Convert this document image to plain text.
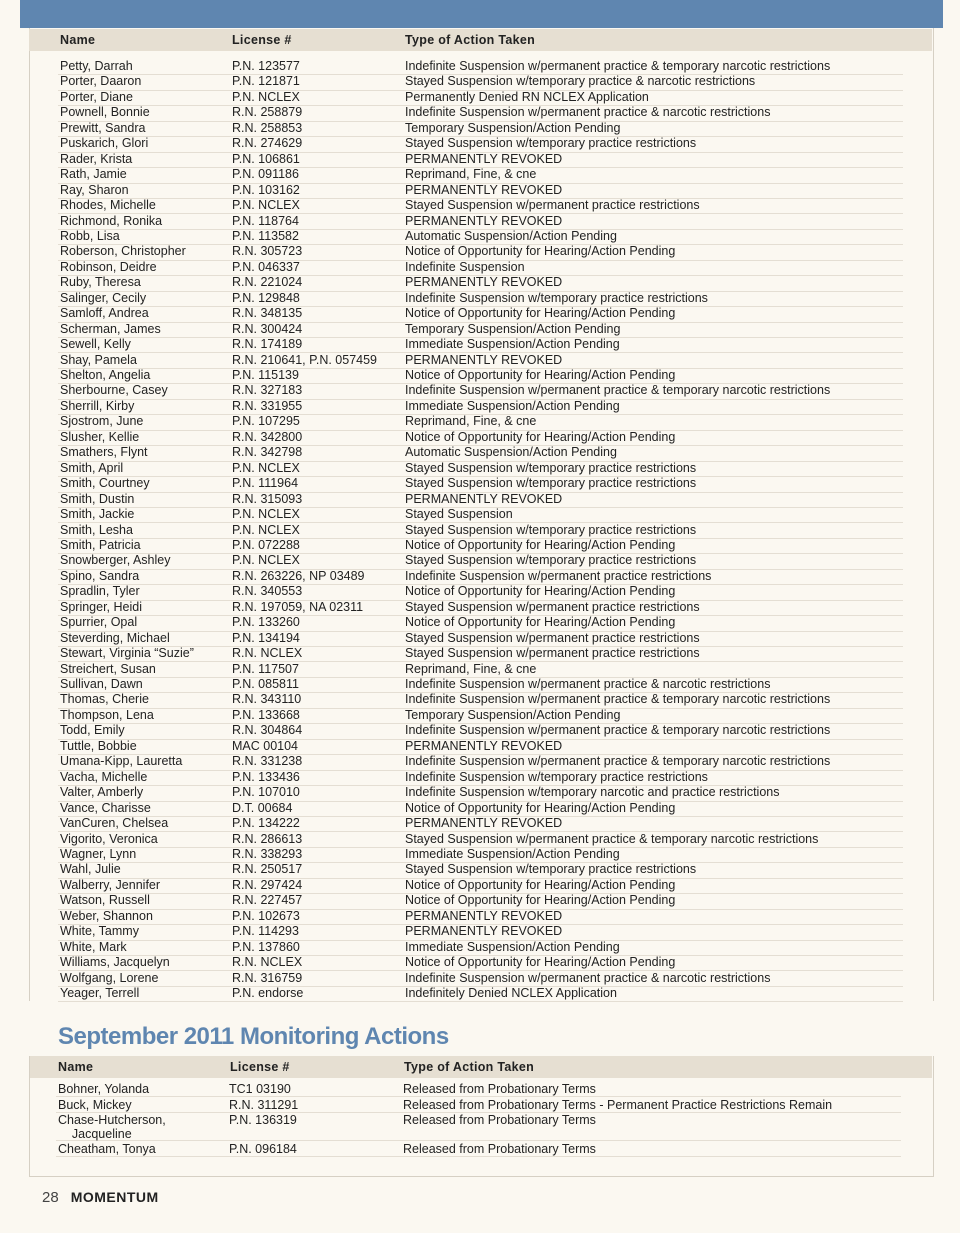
Name	License #	Type of Action Taken
Petty, Darrah	P.N. 123577	Indefinite Suspension w/permanent practice & temporary narcotic restrictions
Porter, Daaron	P.N. 121871	Stayed Suspension w/temporary practice & narcotic restrictions
Porter, Diane	P.N. NCLEX	Permanently Denied RN NCLEX Application
Pownell, Bonnie	R.N. 258879	Indefinite Suspension w/permanent practice & narcotic restrictions
Prewitt, Sandra	R.N. 258853	Temporary Suspension/Action Pending
Puskarich, Glori	R.N. 274629	Stayed Suspension w/temporary practice restrictions
Rader, Krista	P.N. 106861	PERMANENTLY REVOKED
Rath, Jamie	P.N. 091186	Reprimand, Fine, & cne
Ray, Sharon	P.N. 103162	PERMANENTLY REVOKED
Rhodes, Michelle	P.N. NCLEX	Stayed Suspension w/permanent practice restrictions
Richmond, Ronika	P.N. 118764	PERMANENTLY REVOKED
Robb, Lisa	P.N. 113582	Automatic Suspension/Action Pending
Roberson, Christopher	R.N. 305723	Notice of Opportunity for Hearing/Action Pending
Robinson, Deidre	P.N. 046337	Indefinite Suspension
Ruby, Theresa	R.N. 221024	PERMANENTLY REVOKED
Salinger, Cecily	P.N. 129848	Indefinite Suspension w/temporary practice restrictions
Samloff, Andrea	R.N. 348135	Notice of Opportunity for Hearing/Action Pending
Scherman, James	R.N. 300424	Temporary Suspension/Action Pending
Sewell, Kelly	R.N. 174189	Immediate Suspension/Action Pending
Shay, Pamela	R.N. 210641, P.N. 057459 PERMANENTLY REVOKED
Shelton, Angelia	P.N. 115139	Notice of Opportunity for Hearing/Action Pending
Sherbourne, Casey	R.N. 327183	Indefinite Suspension w/permanent practice & temporary narcotic restrictions
Sherrill, Kirby	R.N. 331955	Immediate Suspension/Action Pending
Sjostrom, June	P.N. 107295	Reprimand, Fine, & cne
Slusher, Kellie	R.N. 342800	Notice of Opportunity for Hearing/Action Pending
Smathers, Flynt	R.N. 342798	Automatic Suspension/Action Pending
Smith, April	P.N. NCLEX	Stayed Suspension w/temporary practice restrictions
Smith, Courtney	P.N. 111964	Stayed Suspension w/temporary practice restrictions
Smith, Dustin	R.N. 315093	PERMANENTLY REVOKED
Smith, Jackie	P.N. NCLEX	Stayed Suspension
Smith, Lesha	P.N. NCLEX	Stayed Suspension w/temporary practice restrictions
Smith, Patricia	P.N. 072288	Notice of Opportunity for Hearing/Action Pending
Snowberger, Ashley	P.N. NCLEX	Stayed Suspension w/temporary practice restrictions
Spino, Sandra	R.N. 263226, NP 03489	Indefinite Suspension w/permanent practice restrictions
Spradlin, Tyler	R.N. 340553	Notice of Opportunity for Hearing/Action Pending
Springer, Heidi	R.N. 197059, NA 02311	Stayed Suspension w/permanent practice restrictions
Spurrier, Opal	P.N. 133260	Notice of Opportunity for Hearing/Action Pending
Steverding, Michael	P.N. 134194	Stayed Suspension w/permanent practice restrictions
Stewart, Virginia “Suzie”	R.N. NCLEX	Stayed Suspension w/permanent practice restrictions
Streichert, Susan	P.N. 117507	Reprimand, Fine, & cne
Sullivan, Dawn	P.N. 085811	Indefinite Suspension w/permanent practice & narcotic restrictions
Thomas, Cherie	R.N. 343110	Indefinite Suspension w/permanent practice & temporary narcotic restrictions
Thompson, Lena	P.N. 133668	Temporary Suspension/Action Pending
Todd, Emily	R.N. 304864	Indefinite Suspension w/permanent practice & temporary narcotic restrictions
Tuttle, Bobbie	MAC 00104	PERMANENTLY REVOKED
Umana-Kipp, Lauretta	R.N. 331238	Indefinite Suspension w/permanent practice & temporary narcotic restrictions
Vacha, Michelle	P.N. 133436	Indefinite Suspension w/temporary practice restrictions
Valter, Amberly	P.N. 107010	Indefinite Suspension w/temporary narcotic and practice restrictions
Vance, Charisse	D.T. 00684	Notice of Opportunity for Hearing/Action Pending
VanCuren, Chelsea	P.N. 134222	PERMANENTLY REVOKED
Vigorito, Veronica	R.N. 286613	Stayed Suspension w/permanent practice & temporary narcotic restrictions
Wagner, Lynn	R.N. 338293	Immediate Suspension/Action Pending
Wahl, Julie	R.N. 250517	Stayed Suspension w/temporary practice restrictions
Walberry, Jennifer	R.N. 297424	Notice of Opportunity for Hearing/Action Pending
Watson, Russell	R.N. 227457	Notice of Opportunity for Hearing/Action Pending
Weber, Shannon	P.N. 102673	PERMANENTLY REVOKED
White, Tammy	P.N. 114293	PERMANENTLY REVOKED
White, Mark	P.N. 137860	Immediate Suspension/Action Pending
Williams, Jacquelyn	R.N. NCLEX	Notice of Opportunity for Hearing/Action Pending
Wolfgang, Lorene	R.N. 316759	Indefinite Suspension w/permanent practice & narcotic restrictions
Yeager, Terrell	P.N. endorse	Indefinitely Denied NCLEX Application
September 2011 Monitoring Actions
Name	License #	Type of Action Taken
Bohner, Yolanda	TC1 03190	Released from Probationary Terms
Buck, Mickey	R.N. 311291	Released from Probationary Terms - Permanent Practice Restrictions Remain
Chase-Hutcherson,
Jacqueline
P.N. 136319	Released from Probationary Terms
Cheatham, Tonya	P.N. 096184	Released from Probationary Terms
28 MOMENTUM
